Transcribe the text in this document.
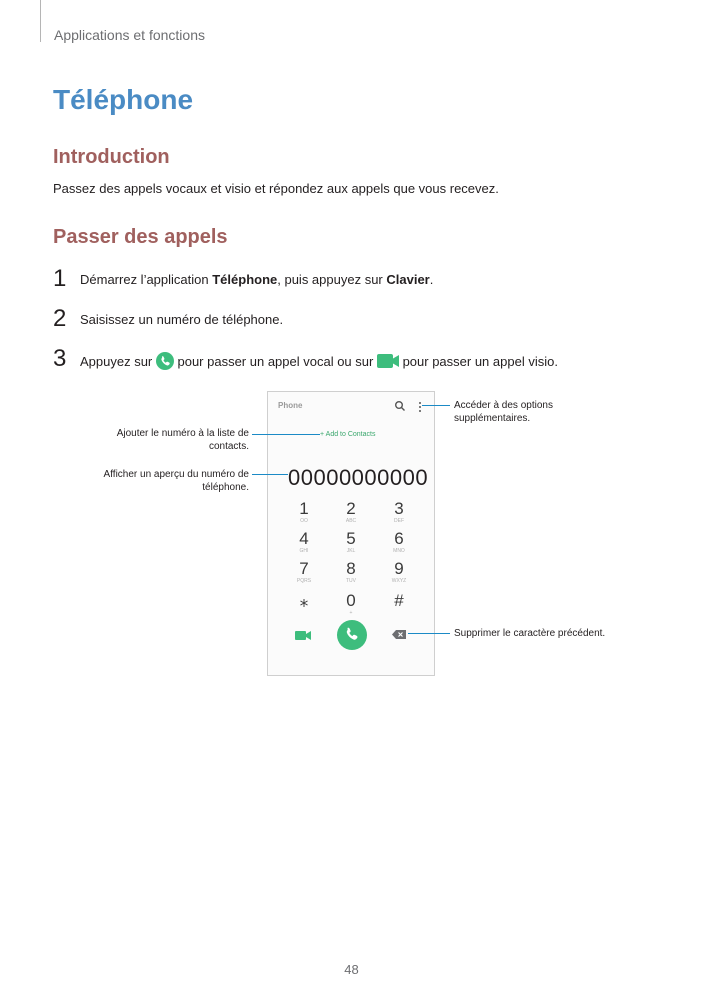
Applications et fonctions
Téléphone
Introduction
Passez des appels vocaux et visio et répondez aux appels que vous recevez.
Passer des appels
1 Démarrez l’application Téléphone, puis appuyez sur Clavier.
2 Saisissez un numéro de téléphone.
3 Appuyez sur  pour passer un appel vocal ou sur  pour passer un appel visio.
Phone
+ Add to Contacts
00000000000
1
OO
2
ABC
3
DEF
4
GHI
5
JKL
6
MNO
7
PQRS
8
TUV
9
WXYZ
⁎	0
+
#
Accéder à des options supplémentaires.
Ajouter le numéro à la liste de contacts.
Afficher un aperçu du numéro de téléphone.
Supprimer le caractère précédent.
48
